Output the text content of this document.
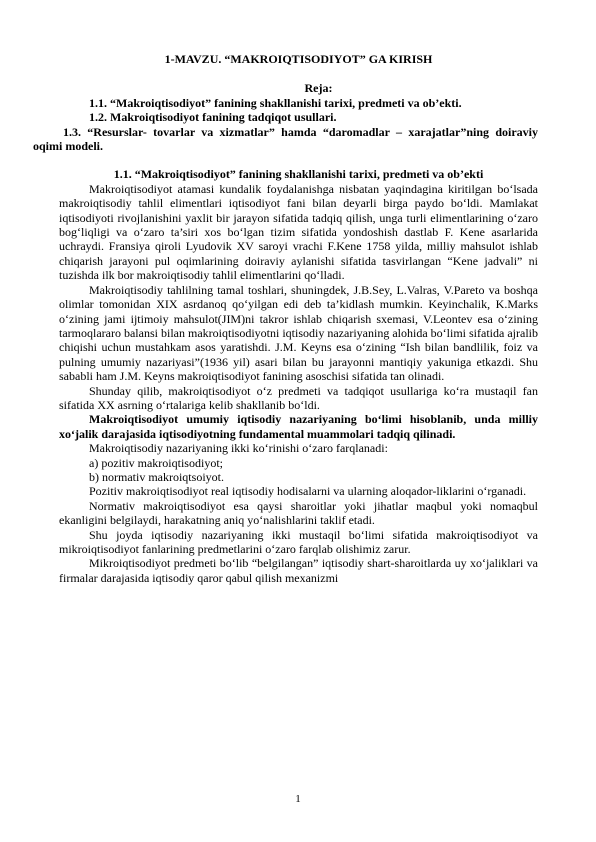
1-MAVZU. “MAKROIQTISODIYOT” GA KIRISH
Reja:

1.1. “Makroiqtisodiyot” fanining shakllanishi tarixi, predmeti va ob’ekti.

1.2. Makroiqtisodiyot fanining tadqiqot usullari.

1.3. “Resurslar- tovarlar va xizmatlar” hamda “daromadlar – xarajatlar”ning doiraviy oqimi modeli.

1.1. “Makroiqtisodiyot” fanining shakllanishi tarixi, predmeti va ob’ekti

Makroiqtisodiyot atamasi kundalik foydalanishga nisbatan yaqindagina kiritilgan bo‘lsada makroiqtisodiy tahlil elimentlari iqtisodiyot fani bilan deyarli birga paydo bo‘ldi. Mamlakat iqtisodiyoti rivojlanishini yaxlit bir jarayon sifatida tadqiq qilish, unga turli elimentlarining o‘zaro bog‘liqligi va o‘zaro ta’siri xos bo‘lgan tizim sifatida yondoshish dastlab F. Kene asarlarida uchraydi. Fransiya qiroli Lyudovik XV saroyi vrachi F.Kene 1758 yilda, milliy mahsulot ishlab chiqarish jarayoni pul oqimlarining doiraviy aylanishi sifatida tasvirlangan “Kene jadvali” ni tuzishda ilk bor makroiqtisodiy tahlil elimentlarini qo‘lladi.

Makroiqtisodiy tahlilning tamal toshlari, shuningdek, J.B.Sey, L.Valras, V.Pareto va boshqa olimlar tomonidan XIX asrdanoq qo‘yilgan edi deb ta’kidlash mumkin. Keyinchalik, K.Marks o‘zining jami ijtimoiy mahsulot(JIM)ni takror ishlab chiqarish sxemasi, V.Leontev esa o‘zining tarmoqlararo balansi bilan makroiqtisodiyotni iqtisodiy nazariyaning alohida bo‘limi sifatida ajralib chiqishi uchun mustahkam asos yaratishdi. J.M. Keyns esa o‘zining “Ish bilan bandlilik, foiz va pulning umumiy nazariyasi”(1936 yil) asari bilan bu jarayonni mantiqiy yakuniga etkazdi. Shu sababli ham J.M. Keyns makroiqtisodiyot fanining asoschisi sifatida tan olinadi.

Shunday qilib, makroiqtisodiyot o‘z predmeti va tadqiqot usullariga ko‘ra mustaqil fan sifatida XX asrning o‘rtalariga kelib shakllanib bo‘ldi.

Makroiqtisodiyot umumiy iqtisodiy nazariyaning bo‘limi hisoblanib, unda milliy xo‘jalik darajasida iqtisodiyotning fundamental muammolari tadqiq qilinadi.

Makroiqtisodiy nazariyaning ikki ko‘rinishi o‘zaro farqlanadi:

a) pozitiv makroiqtisodiyot;

b) normativ makroiqtsoiyot.

Pozitiv makroiqtisodiyot real iqtisodiy hodisalarni va ularning aloqador-liklarini o‘rganadi.

Normativ makroiqtisodiyot esa qaysi sharoitlar yoki jihatlar maqbul yoki nomaqbul ekanligini belgilaydi, harakatning aniq yo‘nalishlarini taklif etadi.

Shu joyda iqtisodiy nazariyaning ikki mustaqil bo‘limi sifatida makroiqtisodiyot va mikroiqtisodiyot fanlarining predmetlarini o‘zaro farqlab olishimiz zarur.

Mikroiqtisodiyot predmeti bo‘lib “belgilangan” iqtisodiy shart-sharoitlarda uy xo‘jaliklari va firmalar darajasida iqtisodiy qaror qabul qilish mexanizmi

1
